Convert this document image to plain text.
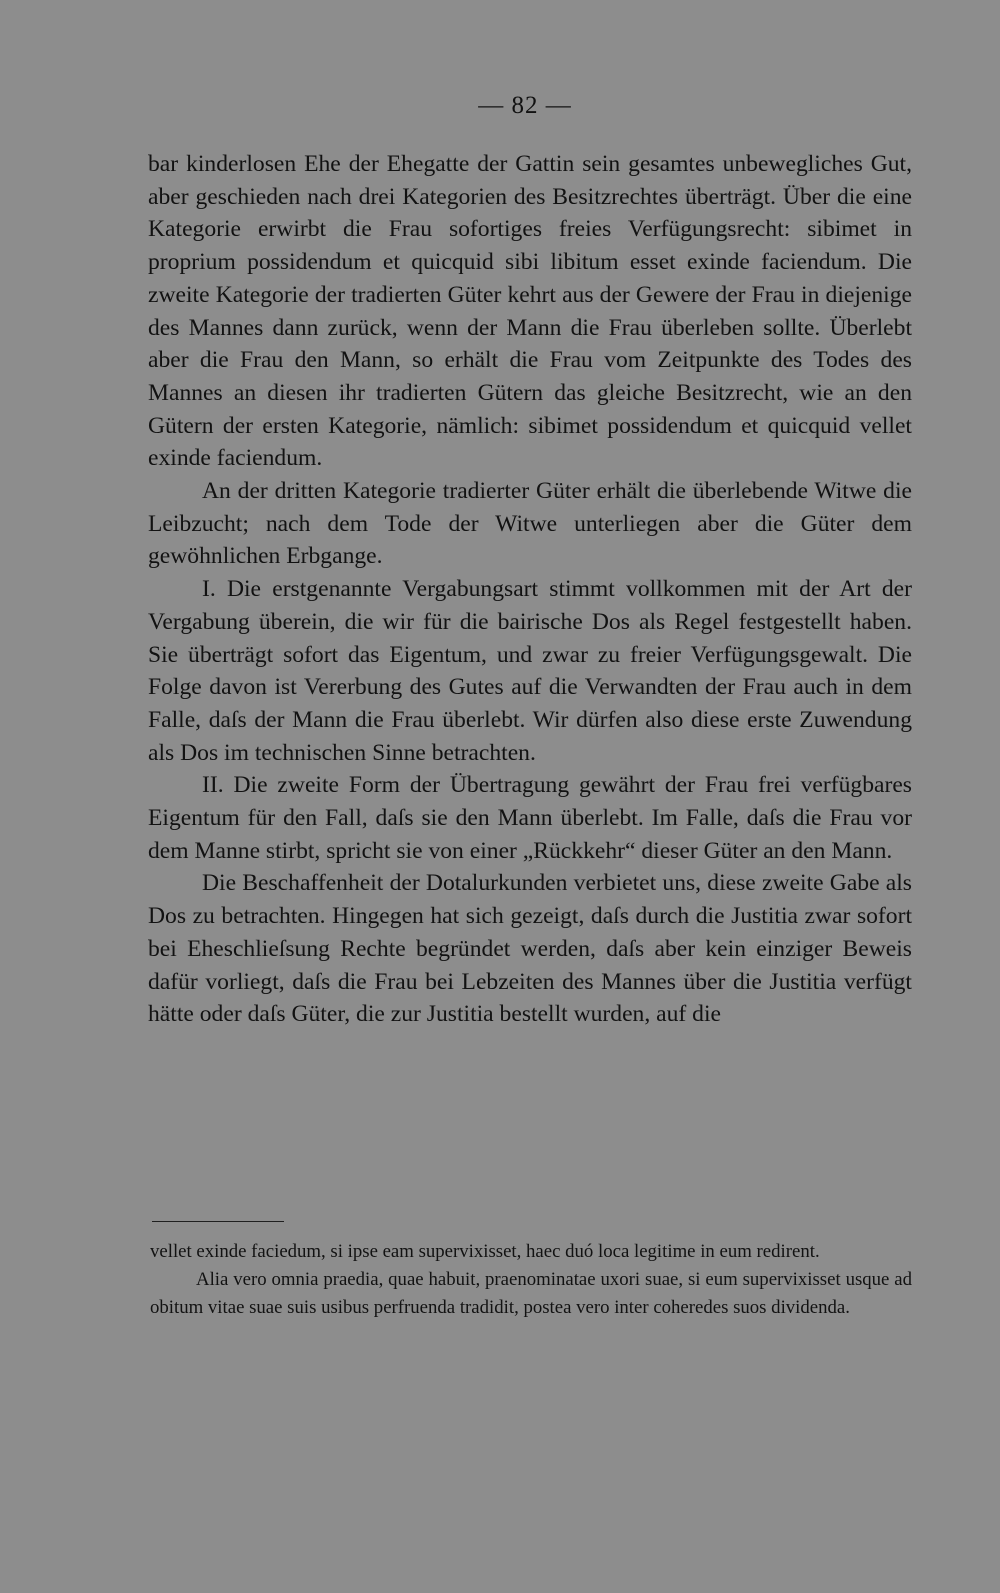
— 82 —

bar kinderlosen Ehe der Ehegatte der Gattin sein gesamtes unbewegliches Gut, aber geschieden nach drei Kategorien des Besitzrechtes überträgt. Über die eine Kategorie erwirbt die Frau sofortiges freies Verfügungsrecht: sibimet in proprium possidendum et quicquid sibi libitum esset exinde faciendum. Die zweite Kategorie der tradierten Güter kehrt aus der Gewere der Frau in diejenige des Mannes dann zurück, wenn der Mann die Frau überleben sollte. Überlebt aber die Frau den Mann, so erhält die Frau vom Zeitpunkte des Todes des Mannes an diesen ihr tradierten Gütern das gleiche Besitzrecht, wie an den Gütern der ersten Kategorie, nämlich: sibimet possidendum et quicquid vellet exinde faciendum.

An der dritten Kategorie tradierter Güter erhält die überlebende Witwe die Leibzucht; nach dem Tode der Witwe unterliegen aber die Güter dem gewöhnlichen Erbgange.

I. Die erstgenannte Vergabungsart stimmt vollkommen mit der Art der Vergabung überein, die wir für die bairische Dos als Regel festgestellt haben. Sie überträgt sofort das Eigentum, und zwar zu freier Verfügungsgewalt. Die Folge davon ist Vererbung des Gutes auf die Verwandten der Frau auch in dem Falle, daſs der Mann die Frau überlebt. Wir dürfen also diese erste Zuwendung als Dos im technischen Sinne betrachten.

II. Die zweite Form der Übertragung gewährt der Frau frei verfügbares Eigentum für den Fall, daſs sie den Mann überlebt. Im Falle, daſs die Frau vor dem Manne stirbt, spricht sie von einer „Rückkehr“ dieser Güter an den Mann.

Die Beschaffenheit der Dotalurkunden verbietet uns, diese zweite Gabe als Dos zu betrachten. Hingegen hat sich gezeigt, daſs durch die Justitia zwar sofort bei Eheschlieſsung Rechte begründet werden, daſs aber kein einziger Beweis dafür vorliegt, daſs die Frau bei Lebzeiten des Mannes über die Justitia verfügt hätte oder daſs Güter, die zur Justitia bestellt wurden, auf die

vellet exinde faciedum, si ipse eam supervixisset, haec duó loca legitime in eum redirent.

Alia vero omnia praedia, quae habuit, praenominatae uxori suae, si eum supervixisset usque ad obitum vitae suae suis usibus perfruenda tradidit, postea vero inter coheredes suos dividenda.
